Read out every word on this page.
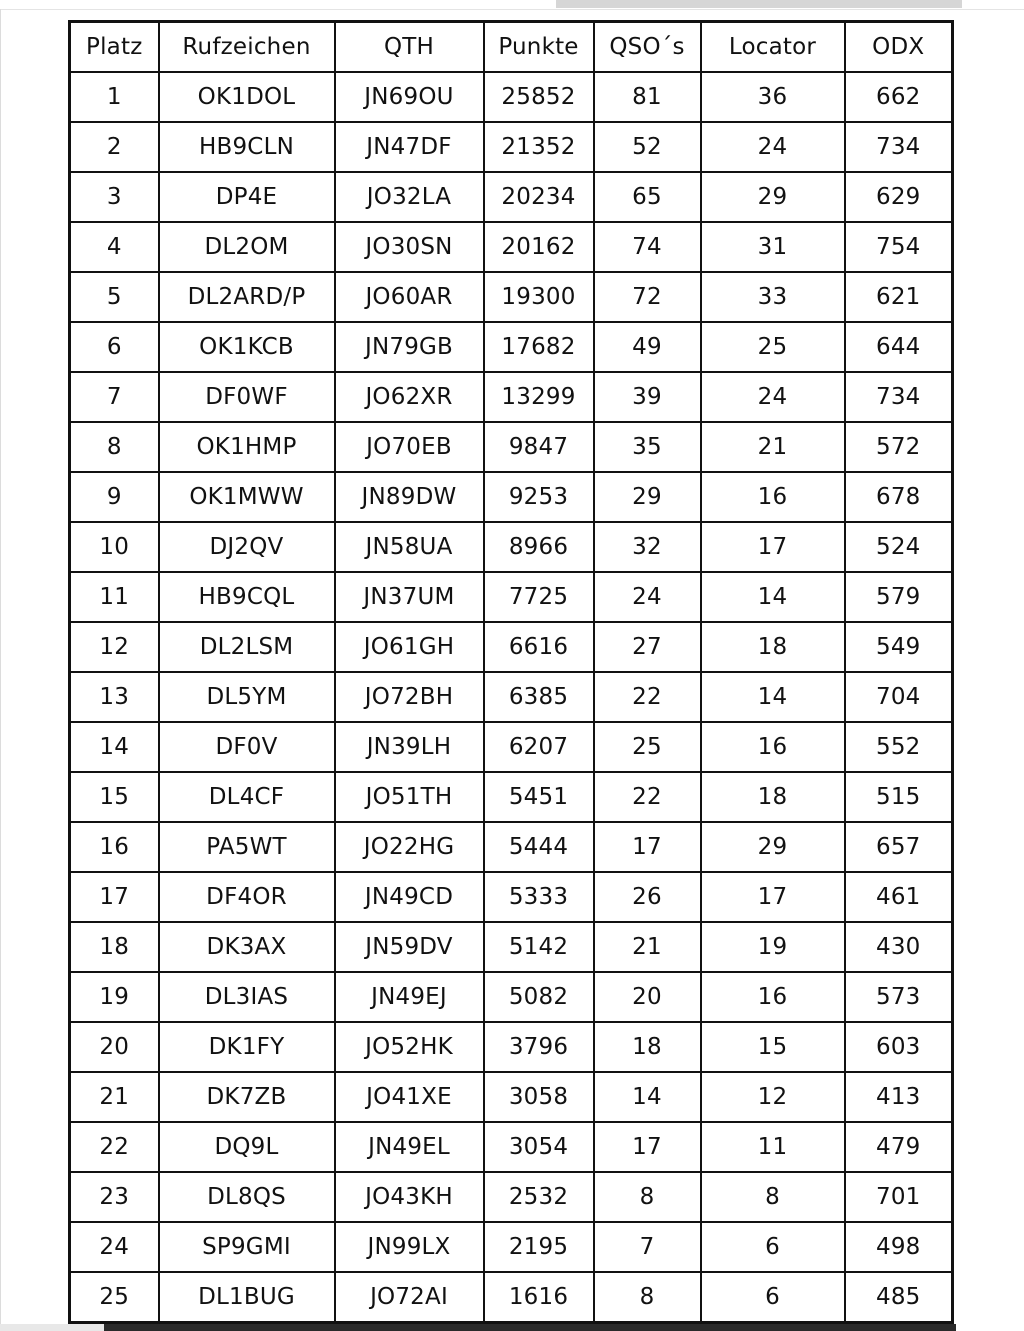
Platz	Rufzeichen	QTH	Punkte	QSO´s	Locator	ODX
1	OK1DOL	JN69OU	25852	81	36	662
2	HB9CLN	JN47DF	21352	52	24	734
3	DP4E	JO32LA	20234	65	29	629
4	DL2OM	JO30SN	20162	74	31	754
5	DL2ARD/P	JO60AR	19300	72	33	621
6	OK1KCB	JN79GB	17682	49	25	644
7	DF0WF	JO62XR	13299	39	24	734
8	OK1HMP	JO70EB	9847	35	21	572
9	OK1MWW	JN89DW	9253	29	16	678
10	DJ2QV	JN58UA	8966	32	17	524
11	HB9CQL	JN37UM	7725	24	14	579
12	DL2LSM	JO61GH	6616	27	18	549
13	DL5YM	JO72BH	6385	22	14	704
14	DF0V	JN39LH	6207	25	16	552
15	DL4CF	JO51TH	5451	22	18	515
16	PA5WT	JO22HG	5444	17	29	657
17	DF4OR	JN49CD	5333	26	17	461
18	DK3AX	JN59DV	5142	21	19	430
19	DL3IAS	JN49EJ	5082	20	16	573
20	DK1FY	JO52HK	3796	18	15	603
21	DK7ZB	JO41XE	3058	14	12	413
22	DQ9L	JN49EL	3054	17	11	479
23	DL8QS	JO43KH	2532	8	8	701
24	SP9GMI	JN99LX	2195	7	6	498
25	DL1BUG	JO72AI	1616	8	6	485
